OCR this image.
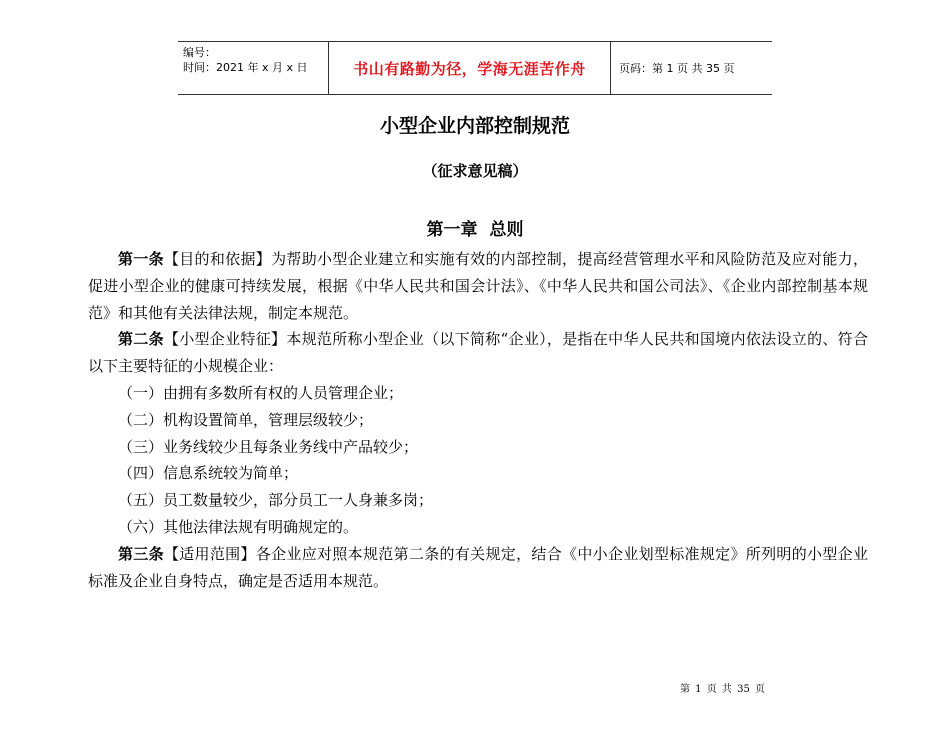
编号：
时间：2021 年 x 月 x 日	书山有路勤为径，学海无涯苦作舟	页码：第 1 页 共 35 页
小型企业内部控制规范
（征求意见稿）
第一章 总则

第一条【目的和依据】为帮助小型企业建立和实施有效的内部控制，提高经营管理水平和风险防范及应对能力，促进小型企业的健康可持续发展，根据《中华人民共和国会计法》、《中华人民共和国公司法》、《企业内部控制基本规范》和其他有关法律法规，制定本规范。

第二条【小型企业特征】本规范所称小型企业（以下简称“企业），是指在中华人民共和国境内依法设立的、符合以下主要特征的小规模企业：

（一）由拥有多数所有权的人员管理企业；

（二）机构设置简单，管理层级较少；

（三）业务线较少且每条业务线中产品较少；

（四）信息系统较为简单；

（五）员工数量较少，部分员工一人身兼多岗；

（六）其他法律法规有明确规定的。

第三条【适用范围】各企业应对照本规范第二条的有关规定，结合《中小企业划型标准规定》所列明的小型企业标准及企业自身特点，确定是否适用本规范。

第 1 页 共 35 页
